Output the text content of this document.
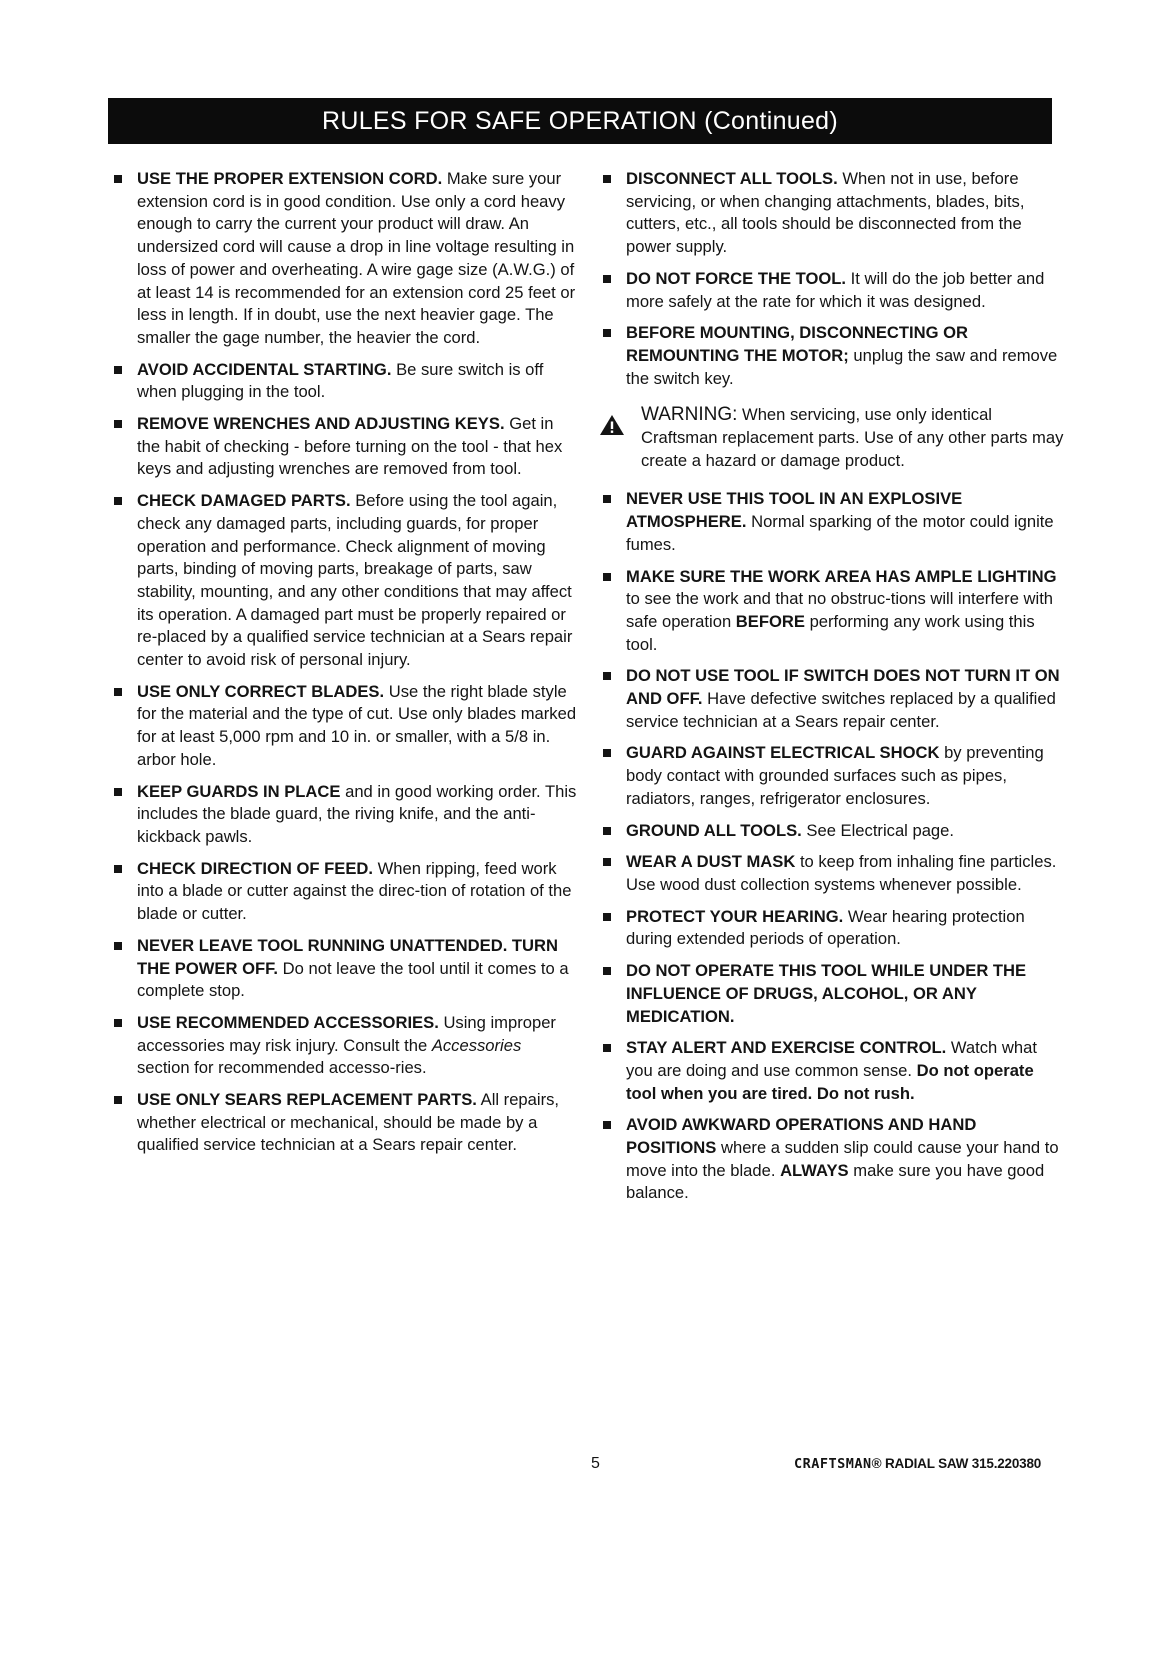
RULES FOR SAFE OPERATION (Continued)
USE THE PROPER EXTENSION CORD. Make sure your extension cord is in good condition. Use only a cord heavy enough to carry the current your product will draw. An undersized cord will cause a drop in line voltage resulting in loss of power and overheating. A wire gage size (A.W.G.) of at least 14 is recommended for an extension cord 25 feet or less in length. If in doubt, use the next heavier gage. The smaller the gage number, the heavier the cord.
AVOID ACCIDENTAL STARTING. Be sure switch is off when plugging in the tool.
REMOVE WRENCHES AND ADJUSTING KEYS. Get in the habit of checking - before turning on the tool - that hex keys and adjusting wrenches are removed from tool.
CHECK DAMAGED PARTS. Before using the tool again, check any damaged parts, including guards, for proper operation and performance. Check alignment of moving parts, binding of moving parts, breakage of parts, saw stability, mounting, and any other conditions that may affect its operation. A damaged part must be properly repaired or re-placed by a qualified service technician at a Sears repair center to avoid risk of personal injury.
USE ONLY CORRECT BLADES. Use the right blade style for the material and the type of cut. Use only blades marked for at least 5,000 rpm and 10 in. or smaller, with a 5/8 in. arbor hole.
KEEP GUARDS IN PLACE and in good working order. This includes the blade guard, the riving knife, and the anti-kickback pawls.
CHECK DIRECTION OF FEED. When ripping, feed work into a blade or cutter against the direc-tion of rotation of the blade or cutter.
NEVER LEAVE TOOL RUNNING UNATTENDED. TURN THE POWER OFF. Do not leave the tool until it comes to a complete stop.
USE RECOMMENDED ACCESSORIES. Using improper accessories may risk injury. Consult the Accessories section for recommended accesso-ries.
USE ONLY SEARS REPLACEMENT PARTS. All repairs, whether electrical or mechanical, should be made by a qualified service technician at a Sears repair center.
DISCONNECT ALL TOOLS. When not in use, before servicing, or when changing attachments, blades, bits, cutters, etc., all tools should be disconnected from the power supply.
DO NOT FORCE THE TOOL. It will do the job better and more safely at the rate for which it was designed.
BEFORE MOUNTING, DISCONNECTING OR REMOUNTING THE MOTOR; unplug the saw and remove the switch key.
WARNING: When servicing, use only identical Craftsman replacement parts. Use of any other parts may create a hazard or damage product.
NEVER USE THIS TOOL IN AN EXPLOSIVE ATMOSPHERE. Normal sparking of the motor could ignite fumes.
MAKE SURE THE WORK AREA HAS AMPLE LIGHTING to see the work and that no obstruc-tions will interfere with safe operation BEFORE performing any work using this tool.
DO NOT USE TOOL IF SWITCH DOES NOT TURN IT ON AND OFF. Have defective switches replaced by a qualified service technician at a Sears repair center.
GUARD AGAINST ELECTRICAL SHOCK by preventing body contact with grounded surfaces such as pipes, radiators, ranges, refrigerator enclosures.
GROUND ALL TOOLS. See Electrical page.
WEAR A DUST MASK to keep from inhaling fine particles. Use wood dust collection systems whenever possible.
PROTECT YOUR HEARING. Wear hearing protection during extended periods of operation.
DO NOT OPERATE THIS TOOL WHILE UNDER THE INFLUENCE OF DRUGS, ALCOHOL, OR ANY MEDICATION.
STAY ALERT AND EXERCISE CONTROL. Watch what you are doing and use common sense. Do not operate tool when you are tired. Do not rush.
AVOID AWKWARD OPERATIONS AND HAND POSITIONS where a sudden slip could cause your hand to move into the blade. ALWAYS make sure you have good balance.
5	CRAFTSMAN® RADIAL SAW 315.220380
